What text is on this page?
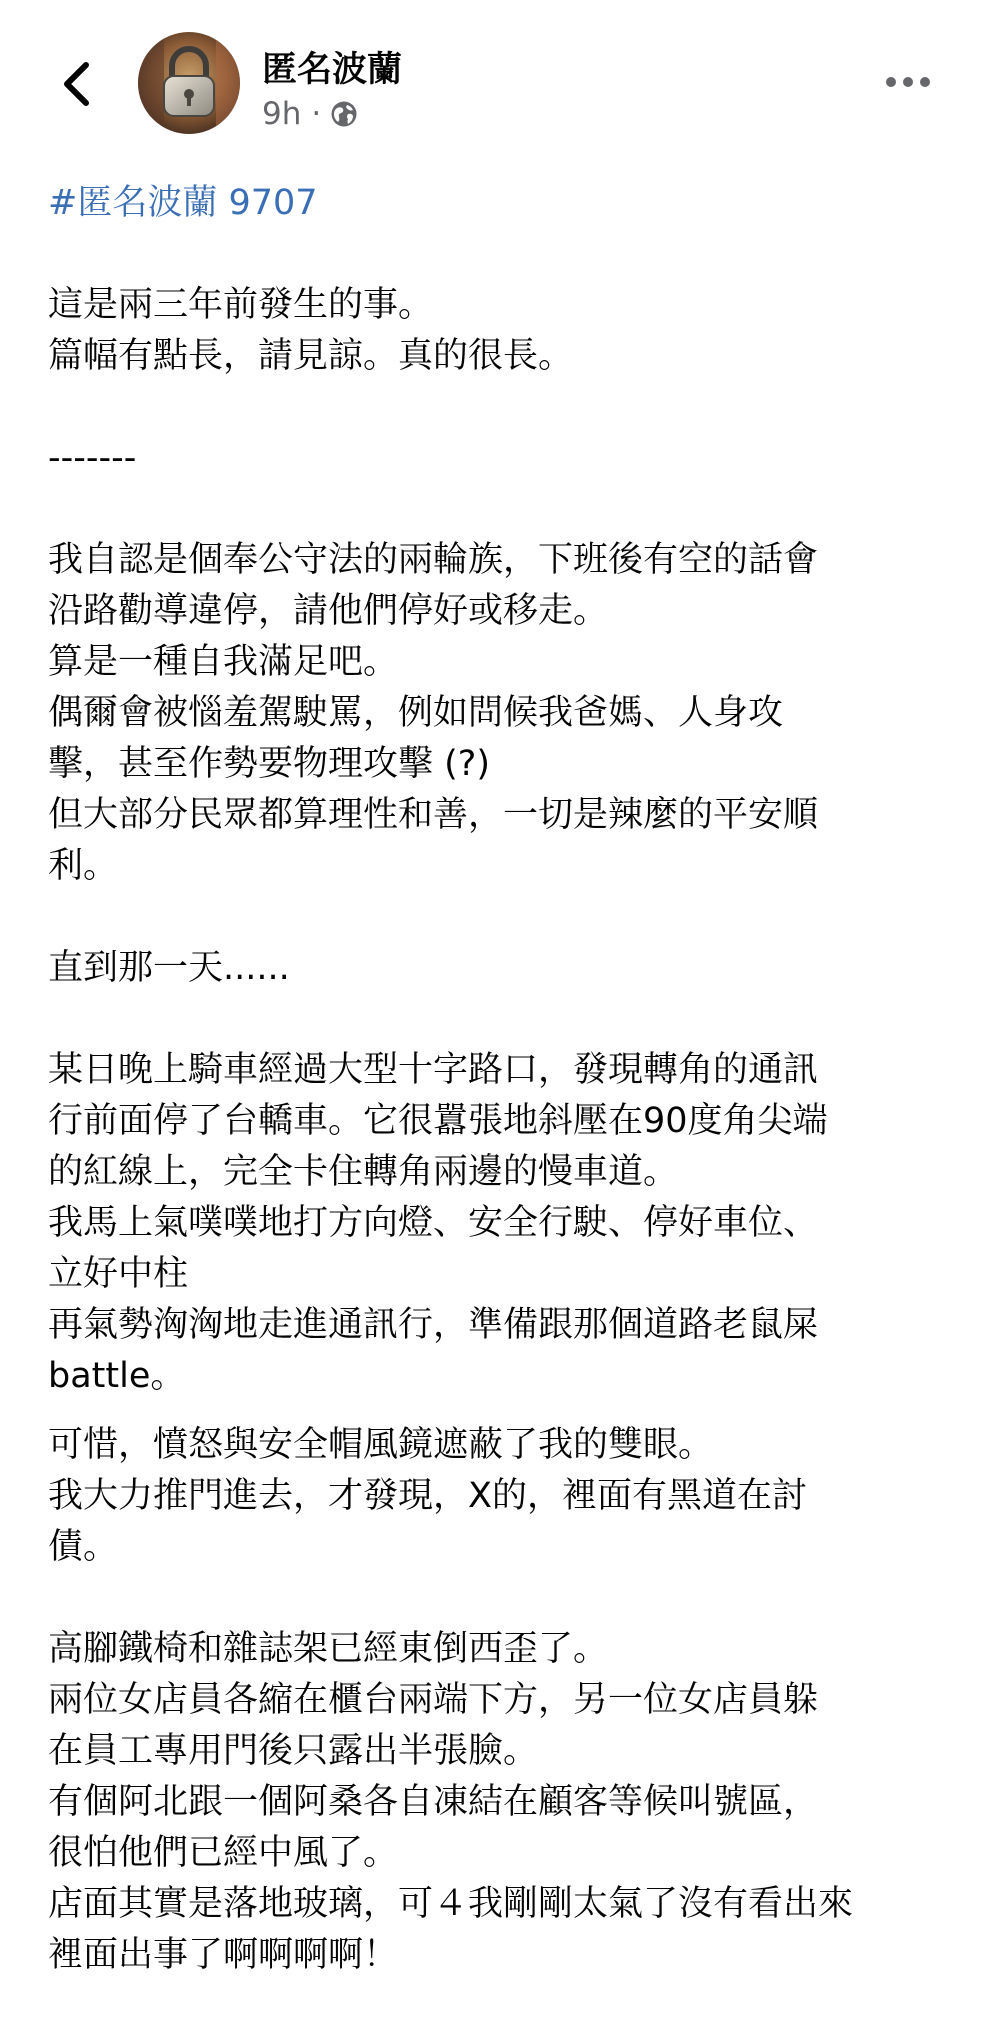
匿名波蘭
9h ·
#匿名波蘭 9707
這是兩三年前發生的事。
篇幅有點長，請見諒。真的很長。
-------
我自認是個奉公守法的兩輪族，下班後有空的話會
沿路勸導違停，請他們停好或移走。
算是一種自我滿足吧。
偶爾會被惱羞駕駛罵，例如問候我爸媽、人身攻
擊，甚至作勢要物理攻擊 (?)
但大部分民眾都算理性和善，一切是辣麼的平安順
利。
直到那一天......
某日晚上騎車經過大型十字路口，發現轉角的通訊
行前面停了台轎車。它很囂張地斜壓在90度角尖端
的紅線上，完全卡住轉角兩邊的慢車道。
我馬上氣噗噗地打方向燈、安全行駛、停好車位、
立好中柱
再氣勢洶洶地走進通訊行，準備跟那個道路老鼠屎
battle。
可惜，憤怒與安全帽風鏡遮蔽了我的雙眼。
我大力推門進去，才發現，X的，裡面有黑道在討
債。
高腳鐵椅和雜誌架已經東倒西歪了。
兩位女店員各縮在櫃台兩端下方，另一位女店員躲
在員工專用門後只露出半張臉。
有個阿北跟一個阿桑各自凍結在顧客等候叫號區，
很怕他們已經中風了。
店面其實是落地玻璃，可４我剛剛太氣了沒有看出來
裡面出事了啊啊啊啊！
